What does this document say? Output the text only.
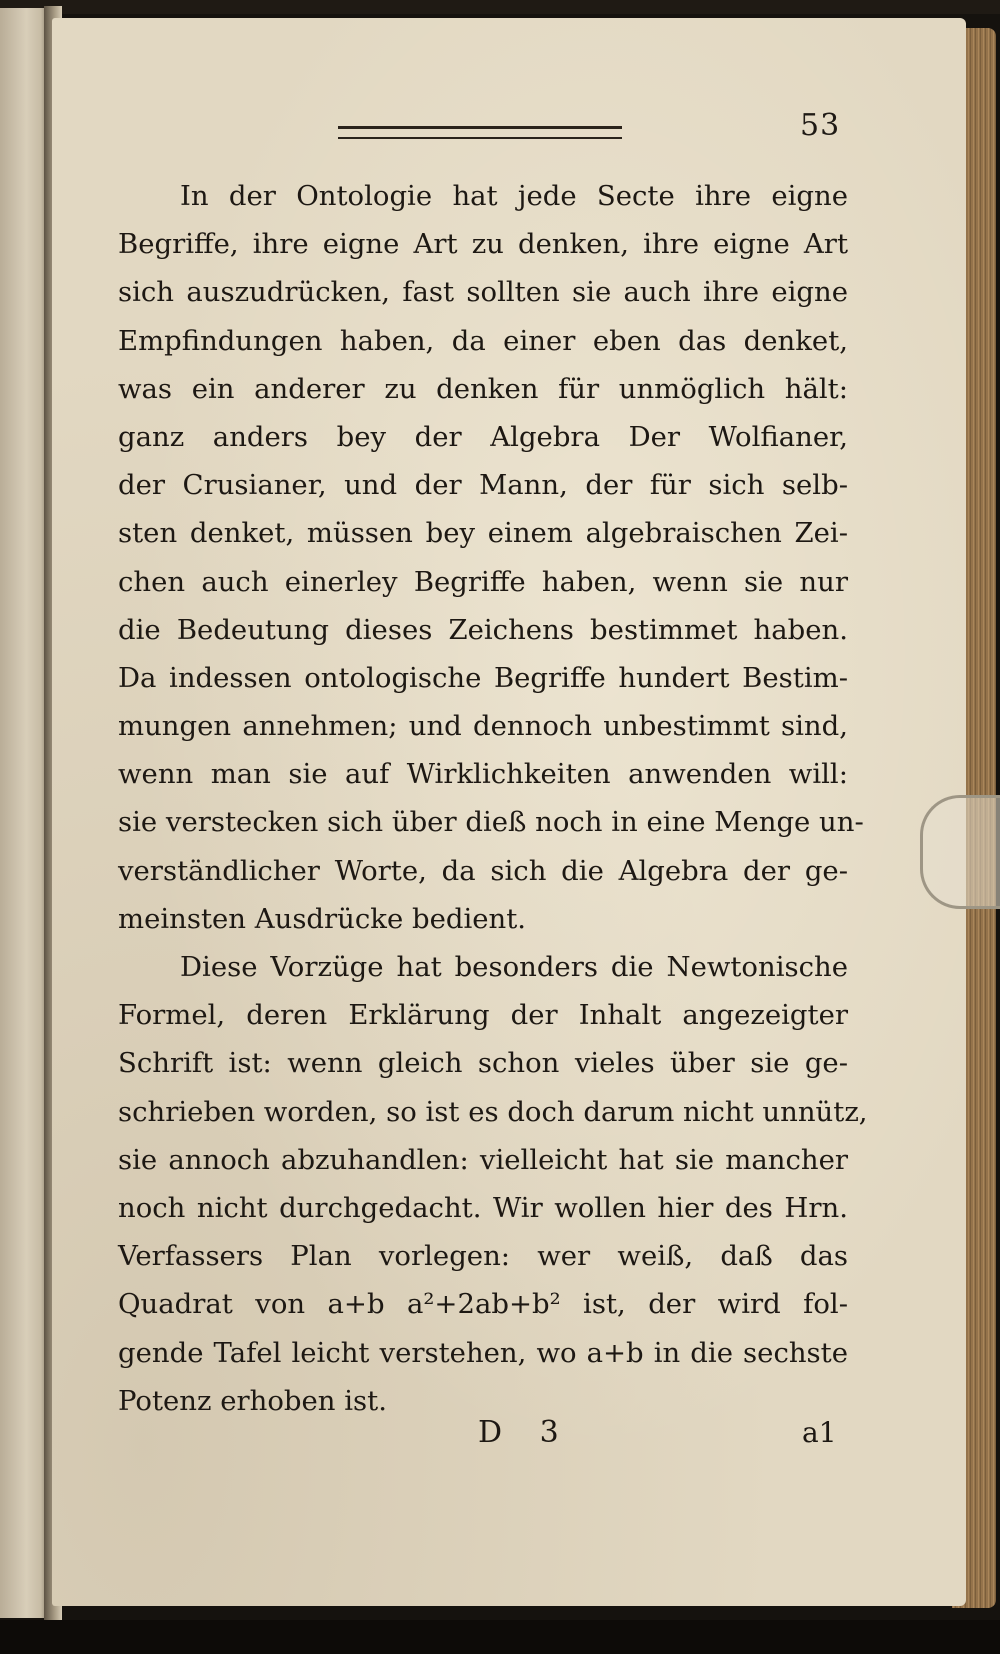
53
In der Ontologie hat jede Secte ihre eigne
Begriffe, ihre eigne Art zu denken, ihre eigne Art
sich auszudrücken, fast sollten sie auch ihre eigne
Empfindungen haben, da einer eben das denket,
was ein anderer zu denken für unmöglich hält:
ganz anders bey der Algebra Der Wolfianer,
der Crusianer, und der Mann, der für sich selb-
sten denket, müssen bey einem algebraischen Zei-
chen auch einerley Begriffe haben, wenn sie nur
die Bedeutung dieses Zeichens bestimmet haben.
Da indessen ontologische Begriffe hundert Bestim-
mungen annehmen; und dennoch unbestimmt sind,
wenn man sie auf Wirklichkeiten anwenden will:
sie verstecken sich über dieß noch in eine Menge un-
verständlicher Worte, da sich die Algebra der ge-
meinsten Ausdrücke bedient.
Diese Vorzüge hat besonders die Newtonische
Formel, deren Erklärung der Inhalt angezeigter
Schrift ist: wenn gleich schon vieles über sie ge-
schrieben worden, so ist es doch darum nicht unnütz,
sie annoch abzuhandlen: vielleicht hat sie mancher
noch nicht durchgedacht. Wir wollen hier des Hrn.
Verfassers Plan vorlegen: wer weiß, daß das
Quadrat von a+b a²+2ab+b² ist, der wird fol-
gende Tafel leicht verstehen, wo a+b in die sechste
Potenz erhoben ist.
D 3	a1
